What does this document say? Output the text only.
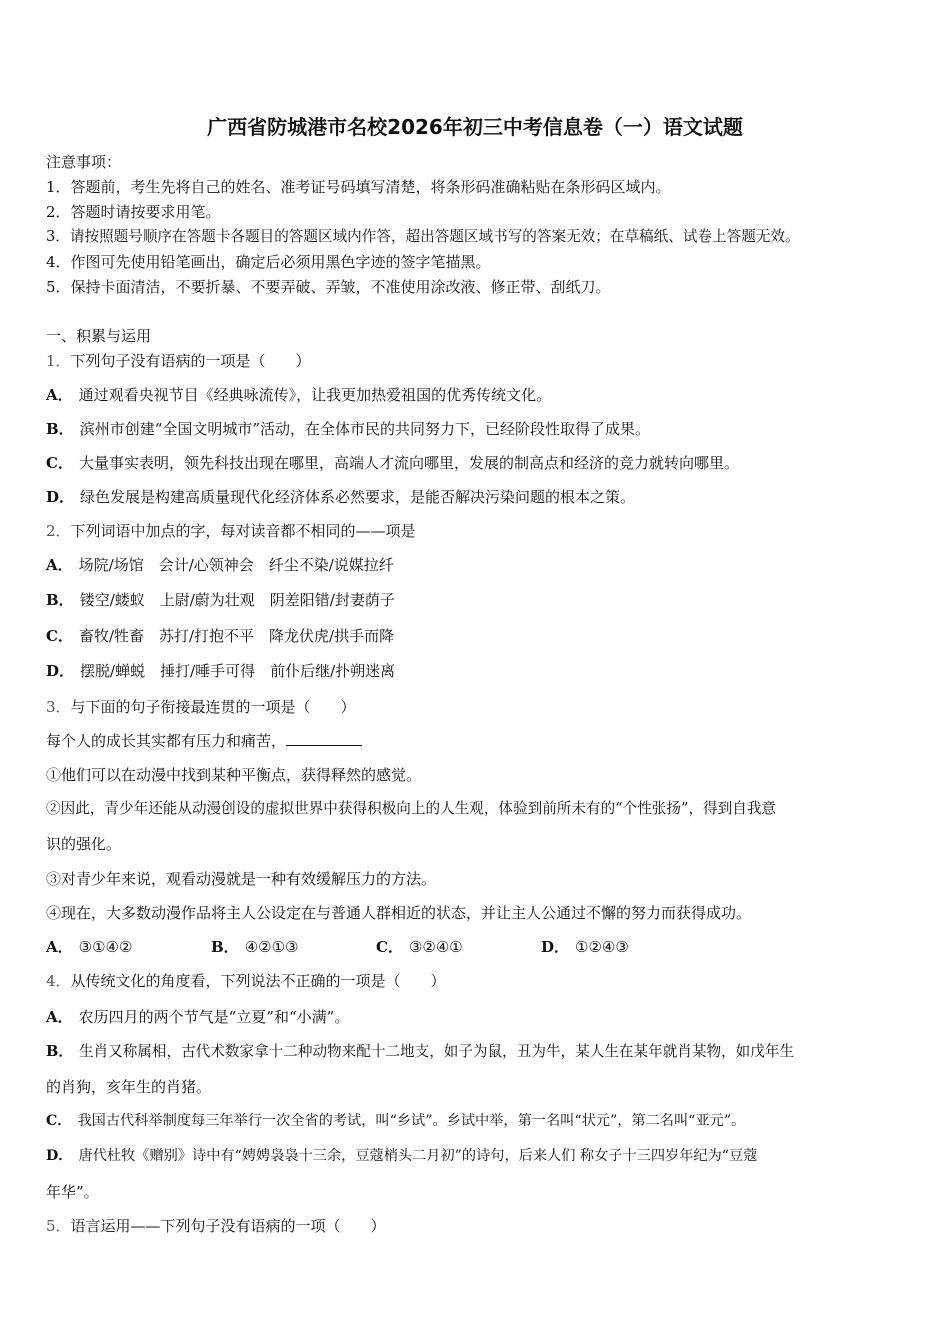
广西省防城港市名校2026年初三中考信息卷（一）语文试题
注意事项：
1．答题前，考生先将自己的姓名、准考证号码填写清楚，将条形码准确粘贴在条形码区域内。
2．答题时请按要求用笔。
3．请按照题号顺序在答题卡各题目的答题区域内作答，超出答题区域书写的答案无效；在草稿纸、试卷上答题无效。
4．作图可先使用铅笔画出，确定后必须用黑色字迹的签字笔描黑。
5．保持卡面清洁，不要折暴、不要弄破、弄皱，不准使用涂改液、修正带、刮纸刀。
一、积累与运用
1．下列句子没有语病的一项是（　　）
A． 通过观看央视节目《经典咏流传》，让我更加热爱祖国的优秀传统文化。
B． 滨州市创建“全国文明城市”活动，在全体市民的共同努力下，已经阶段性取得了成果。
C． 大量事实表明，领先科技出现在哪里，高端人才流向哪里，发展的制高点和经济的竞力就转向哪里。
D． 绿色发展是构建高质量现代化经济体系必然要求，是能否解决污染问题的根本之策。
2．下列词语中加点的字，每对读音都不相同的——项是
A． 场院/场馆　会计/心领神会　纤尘不染/说媒拉纤
B． 镂空/蝼蚁　上尉/蔚为壮观　阴差阳错/封妻荫子
C． 畜牧/牲畜　苏打/打抱不平　降龙伏虎/拱手而降
D． 摆脱/蝉蜕　捶打/唾手可得　前仆后继/扑朔迷离
3．与下面的句子衔接最连贯的一项是（　　）
每个人的成长其实都有压力和痛苦，
①他们可以在动漫中找到某种平衡点，获得释然的感觉。
②因此，青少年还能从动漫创设的虚拟世界中获得积极向上的人生观，体验到前所未有的“个性张扬”，得到自我意
识的强化。
③对青少年来说，观看动漫就是一种有效缓解压力的方法。
④现在，大多数动漫作品将主人公设定在与普通人群相近的状态，并让主人公通过不懈的努力而获得成功。
A． ③①④②	B． ④②①③	C． ③②④①	D． ①②④③
4．从传统文化的角度看，下列说法不正确的一项是（　　）
A． 农历四月的两个节气是“立夏”和“小满”。
B． 生肖又称属相，古代术数家拿十二种动物来配十二地支，如子为鼠，丑为牛，某人生在某年就肖某物，如戊年生
的肖狗，亥年生的肖猪。
C． 我国古代科举制度每三年举行一次全省的考试，叫“乡试”。乡试中举，第一名叫“状元”，第二名叫“亚元”。
D． 唐代杜牧《赠别》诗中有“娉娉袅袅十三余，豆蔻梢头二月初”的诗句，后来人们 称女子十三四岁年纪为“豆蔻
年华”。
5．语言运用——下列句子没有语病的一项（　　）
